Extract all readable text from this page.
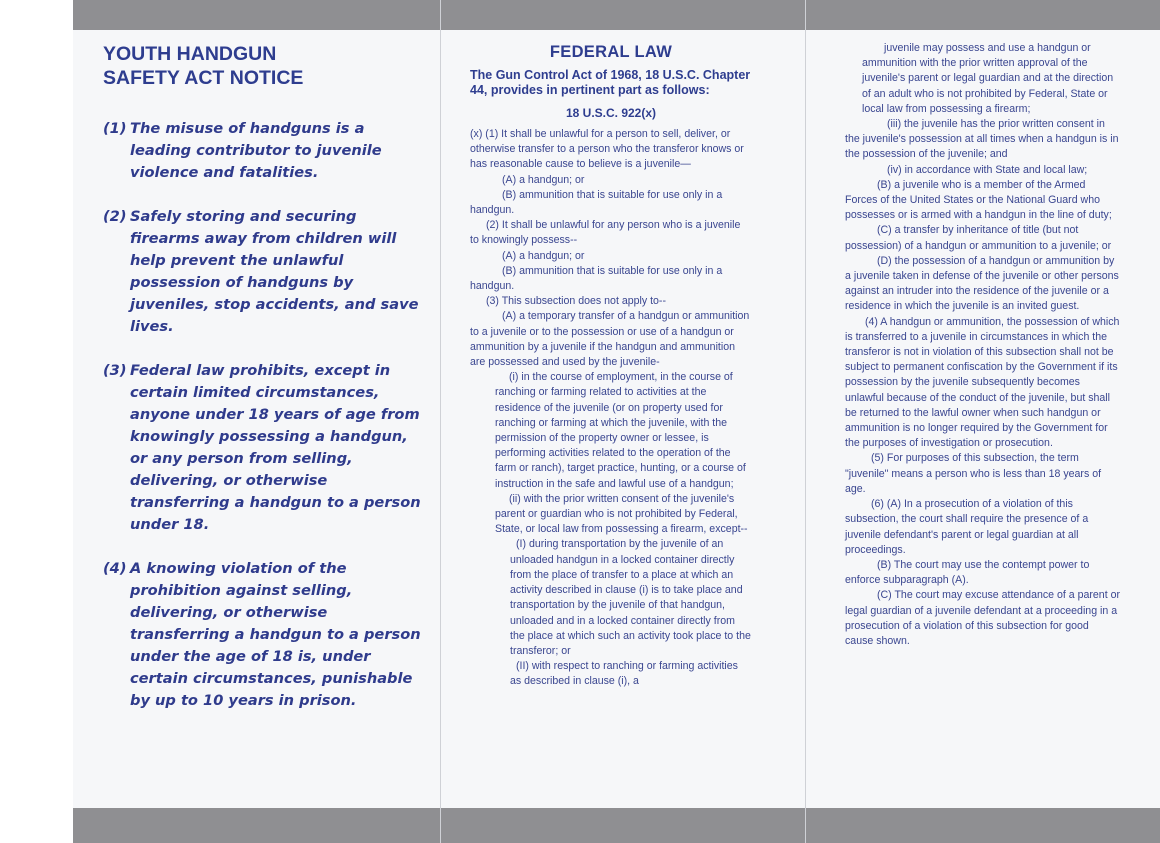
YOUTH HANDGUN
SAFETY ACT NOTICE
(1) The misuse of handguns is a leading contributor to juvenile violence and fatalities.
(2) Safely storing and securing firearms away from children will help prevent the unlawful possession of handguns by juveniles, stop accidents, and save lives.
(3) Federal law prohibits, except in certain limited circumstances, anyone under 18 years of age from knowingly possessing a handgun, or any person from selling, delivering, or otherwise transferring a handgun to a person under 18.
(4) A knowing violation of the prohibition against selling, delivering, or otherwise transferring a handgun to a person under the age of 18 is, under certain circumstances, punishable by up to 10 years in prison.
FEDERAL LAW

The Gun Control Act of 1968, 18 U.S.C. Chapter 44, provides in pertinent part as follows:

18 U.S.C. 922(x)

(x) (1) It shall be unlawful for a person to sell, deliver, or otherwise transfer to a person who the transferor knows or has reasonable cause to believe is a juvenile—

(A) a handgun; or

(B) ammunition that is suitable for use only in a handgun.

(2) It shall be unlawful for any person who is a juvenile to knowingly possess--

(A) a handgun; or

(B) ammunition that is suitable for use only in a handgun.

(3) This subsection does not apply to--

(A) a temporary transfer of a handgun or ammunition to a juvenile or to the possession or use of a handgun or ammunition by a juvenile if the handgun and ammunition are possessed and used by the juvenile-

(i) in the course of employment, in the course of ranching or farming related to activities at the residence of the juvenile (or on property used for ranching or farming at which the juvenile, with the permission of the property owner or lessee, is performing activities related to the operation of the farm or ranch), target practice, hunting, or a course of instruction in the safe and lawful use of a handgun;

(ii) with the prior written consent of the juvenile's parent or guardian who is not prohibited by Federal, State, or local law from possessing a firearm, except--

(I) during transportation by the juvenile of an unloaded handgun in a locked container directly from the place of transfer to a place at which an activity described in clause (i) is to take place and transportation by the juvenile of that handgun, unloaded and in a locked container directly from the place at which such an activity took place to the transferor; or

(II) with respect to ranching or farming activities as described in clause (i), a

juvenile may possess and use a handgun or ammunition with the prior written approval of the juvenile's parent or legal guardian and at the direction of an adult who is not prohibited by Federal, State or local law from possessing a firearm;

(iii) the juvenile has the prior written consent in the juvenile's possession at all times when a handgun is in the possession of the juvenile; and

(iv) in accordance with State and local law;

(B) a juvenile who is a member of the Armed Forces of the United States or the National Guard who possesses or is armed with a handgun in the line of duty;

(C) a transfer by inheritance of title (but not possession) of a handgun or ammunition to a juvenile; or

(D) the possession of a handgun or ammunition by a juvenile taken in defense of the juvenile or other persons against an intruder into the residence of the juvenile or a residence in which the juvenile is an invited guest.

(4) A handgun or ammunition, the possession of which is transferred to a juvenile in circumstances in which the transferor is not in violation of this subsection shall not be subject to permanent confiscation by the Government if its possession by the juvenile subsequently becomes unlawful because of the conduct of the juvenile, but shall be returned to the lawful owner when such handgun or ammunition is no longer required by the Government for the purposes of investigation or prosecution.

(5) For purposes of this subsection, the term "juvenile" means a person who is less than 18 years of age.

(6) (A) In a prosecution of a violation of this subsection, the court shall require the presence of a juvenile defendant's parent or legal guardian at all proceedings.

(B) The court may use the contempt power to enforce subparagraph (A).

(C) The court may excuse attendance of a parent or legal guardian of a juvenile defendant at a proceeding in a prosecution of a violation of this subsection for good cause shown.
